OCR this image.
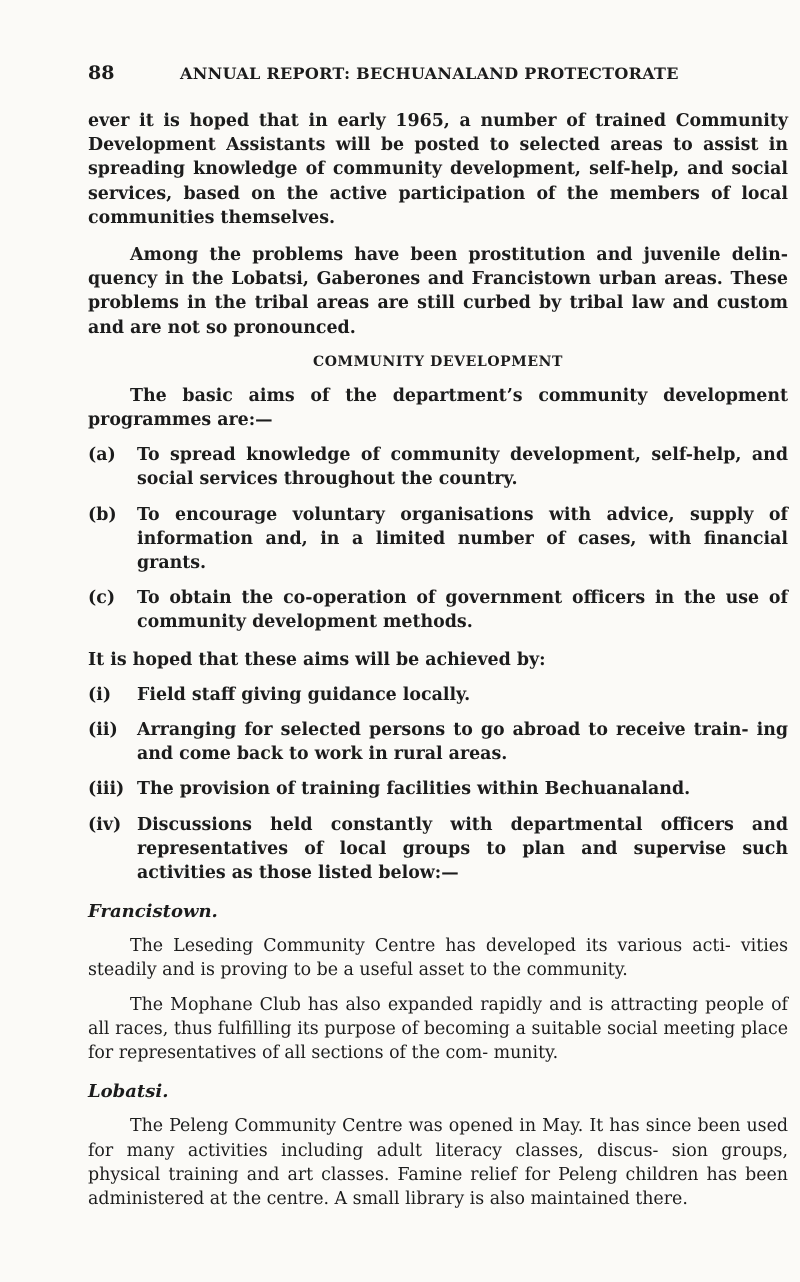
88	ANNUAL REPORT: BECHUANALAND PROTECTORATE

ever it is hoped that in early 1965, a number of trained Community Development Assistants will be posted to selected areas to assist in spreading knowledge of community development, self-help, and social services, based on the active participation of the members of local communities themselves.

Among the problems have been prostitution and juvenile delin- quency in the Lobatsi, Gaberones and Francistown urban areas. These problems in the tribal areas are still curbed by tribal law and custom and are not so pronounced.

COMMUNITY DEVELOPMENT

The basic aims of the department’s community development programmes are:—

(a) To spread knowledge of community development, self-help, and social services throughout the country.

(b) To encourage voluntary organisations with advice, supply of information and, in a limited number of cases, with financial grants.

(c) To obtain the co-operation of government officers in the use of community development methods.

It is hoped that these aims will be achieved by:

(i) Field staff giving guidance locally.

(ii) Arranging for selected persons to go abroad to receive train- ing and come back to work in rural areas.

(iii) The provision of training facilities within Bechuanaland.

(iv) Discussions held constantly with departmental officers and representatives of local groups to plan and supervise such activities as those listed below:—

Francistown.

The Leseding Community Centre has developed its various acti- vities steadily and is proving to be a useful asset to the community.

The Mophane Club has also expanded rapidly and is attracting people of all races, thus fulfilling its purpose of becoming a suitable social meeting place for representatives of all sections of the com- munity.

Lobatsi.

The Peleng Community Centre was opened in May. It has since been used for many activities including adult literacy classes, discus- sion groups, physical training and art classes. Famine relief for Peleng children has been administered at the centre. A small library is also maintained there.
